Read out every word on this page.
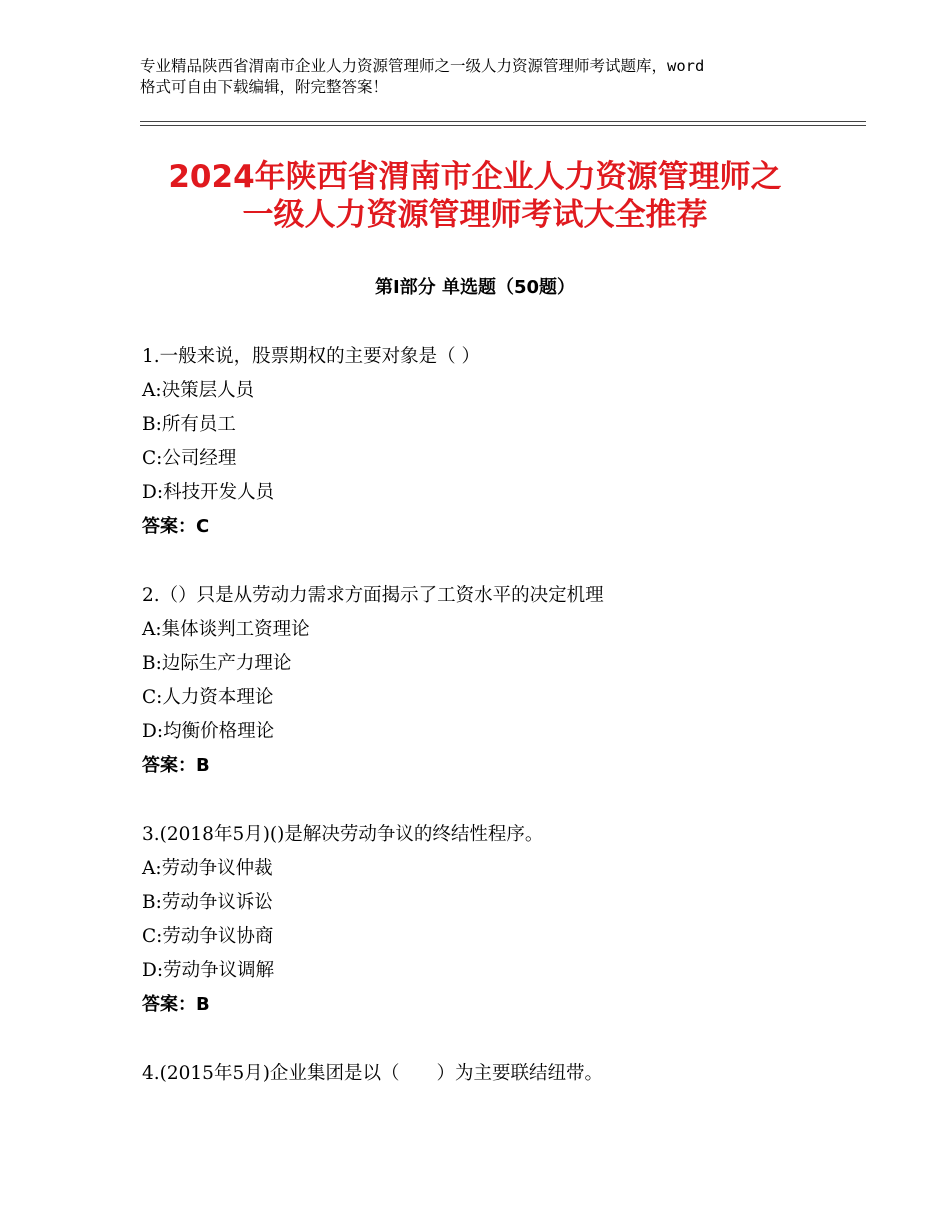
专业精品陕西省渭南市企业人力资源管理师之一级人力资源管理师考试题库，word
格式可自由下载编辑，附完整答案！
2024年陕西省渭南市企业人力资源管理师之
一级人力资源管理师考试大全推荐
第Ⅰ部分 单选题（50题）
1.一般来说，股票期权的主要对象是（ ）
A:决策层人员
B:所有员工
C:公司经理
D:科技开发人员
答案：C
2.（）只是从劳动力需求方面揭示了工资水平的决定机理
A:集体谈判工资理论
B:边际生产力理论
C:人力资本理论
D:均衡价格理论
答案：B
3.(2018年5月)()是解决劳动争议的终结性程序。
A:劳动争议仲裁
B:劳动争议诉讼
C:劳动争议协商
D:劳动争议调解
答案：B
4.(2015年5月)企业集团是以（　　）为主要联结纽带。
